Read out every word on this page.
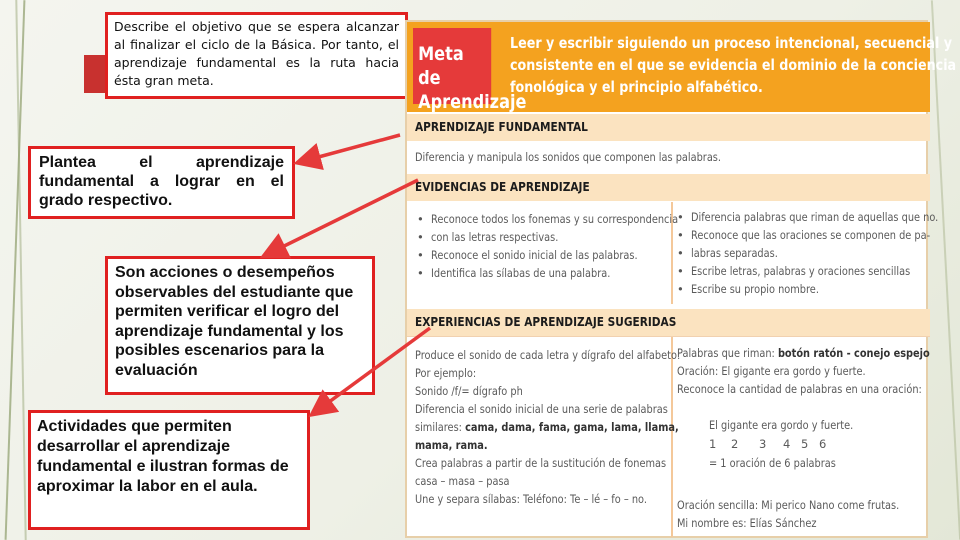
Describe el objetivo que se espera alcanzar al finalizar el ciclo de la Básica. Por tanto, el aprendizaje fundamental es la ruta hacia ésta gran meta.
Plantea el aprendizaje fundamental a lograr en el grado respectivo.
Son acciones o desempeños observables del estudiante que permiten verificar el logro del aprendizaje fundamental y los posibles escenarios para la evaluación
Actividades que permiten desarrollar el aprendizaje fundamental e ilustran formas de aproximar la labor en el aula.
Meta de Aprendizaje
Leer y escribir siguiendo un proceso intencional, secuencial y
consistente en el que se evidencia el dominio de la conciencia
fonológica y el principio alfabético.
APRENDIZAJE FUNDAMENTAL
Diferencia y manipula los sonidos que componen las palabras.
EVIDENCIAS DE APRENDIZAJE
• Reconoce todos los fonemas y su correspondencia
• con las letras respectivas.
• Reconoce el sonido inicial de las palabras.
• Identifica las sílabas de una palabra.
• Diferencia palabras que riman de aquellas que no.
• Reconoce que las oraciones se componen de pa-
• labras separadas.
• Escribe letras, palabras y oraciones sencillas
• Escribe su propio nombre.
EXPERIENCIAS DE APRENDIZAJE SUGERIDAS
Produce el sonido de cada letra y dígrafo del alfabeto:
Por ejemplo:
Sonido /f/= dígrafo ph
Diferencia el sonido inicial de una serie de palabras
similares: cama, dama, fama, gama, lama, llama,
mama, rama.
Crea palabras a partir de la sustitución de fonemas
casa – masa – pasa
Une y separa sílabas: Teléfono: Te – lé – fo – no.
Palabras que riman: botón ratón - conejo espejo
Oración: El gigante era gordo y fuerte.
Reconoce la cantidad de palabras en una oración:
El gigante era gordo y fuerte.
1 2 3 4 5 6
= 1 oración de 6 palabras
Oración sencilla: Mi perico Nano come frutas.
Mi nombre es: Elías Sánchez
